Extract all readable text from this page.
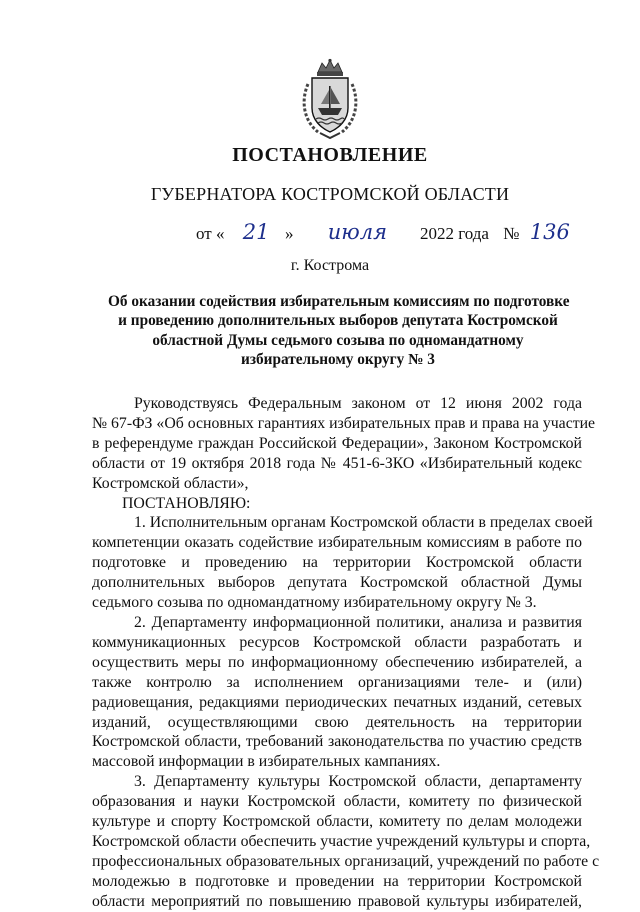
ПОСТАНОВЛЕНИЕ
ГУБЕРНАТОРА КОСТРОМСКОЙ ОБЛАСТИ
от « 21 » июля 2022 года № 136
г. Кострома
Об оказании содействия избирательным комиссиям по подготовке
и проведению дополнительных выборов депутата Костромской
областной Думы седьмого созыва по одномандатному
избирательному округу № 3
Руководствуясь Федеральным законом от 12 июня 2002 года
№ 67-ФЗ «Об основных гарантиях избирательных прав и права на участие
в референдуме граждан Российской Федерации», Законом Костромской
области от 19 октября 2018 года № 451-6-ЗКО «Избирательный кодекс
Костромской области»,
ПОСТАНОВЛЯЮ:
1. Исполнительным органам Костромской области в пределах своей
компетенции оказать содействие избирательным комиссиям в работе по
подготовке и проведению на территории Костромской области
дополнительных выборов депутата Костромской областной Думы
седьмого созыва по одномандатному избирательному округу № 3.
2. Департаменту информационной политики, анализа и развития
коммуникационных ресурсов Костромской области разработать и
осуществить меры по информационному обеспечению избирателей, а
также контролю за исполнением организациями теле- и (или)
радиовещания, редакциями периодических печатных изданий, сетевых
изданий, осуществляющими свою деятельность на территории
Костромской области, требований законодательства по участию средств
массовой информации в избирательных кампаниях.
3. Департаменту культуры Костромской области, департаменту
образования и науки Костромской области, комитету по физической
культуре и спорту Костромской области, комитету по делам молодежи
Костромской области обеспечить участие учреждений культуры и спорта,
профессиональных образовательных организаций, учреждений по работе с
молодежью в подготовке и проведении на территории Костромской
области мероприятий по повышению правовой культуры избирателей,
